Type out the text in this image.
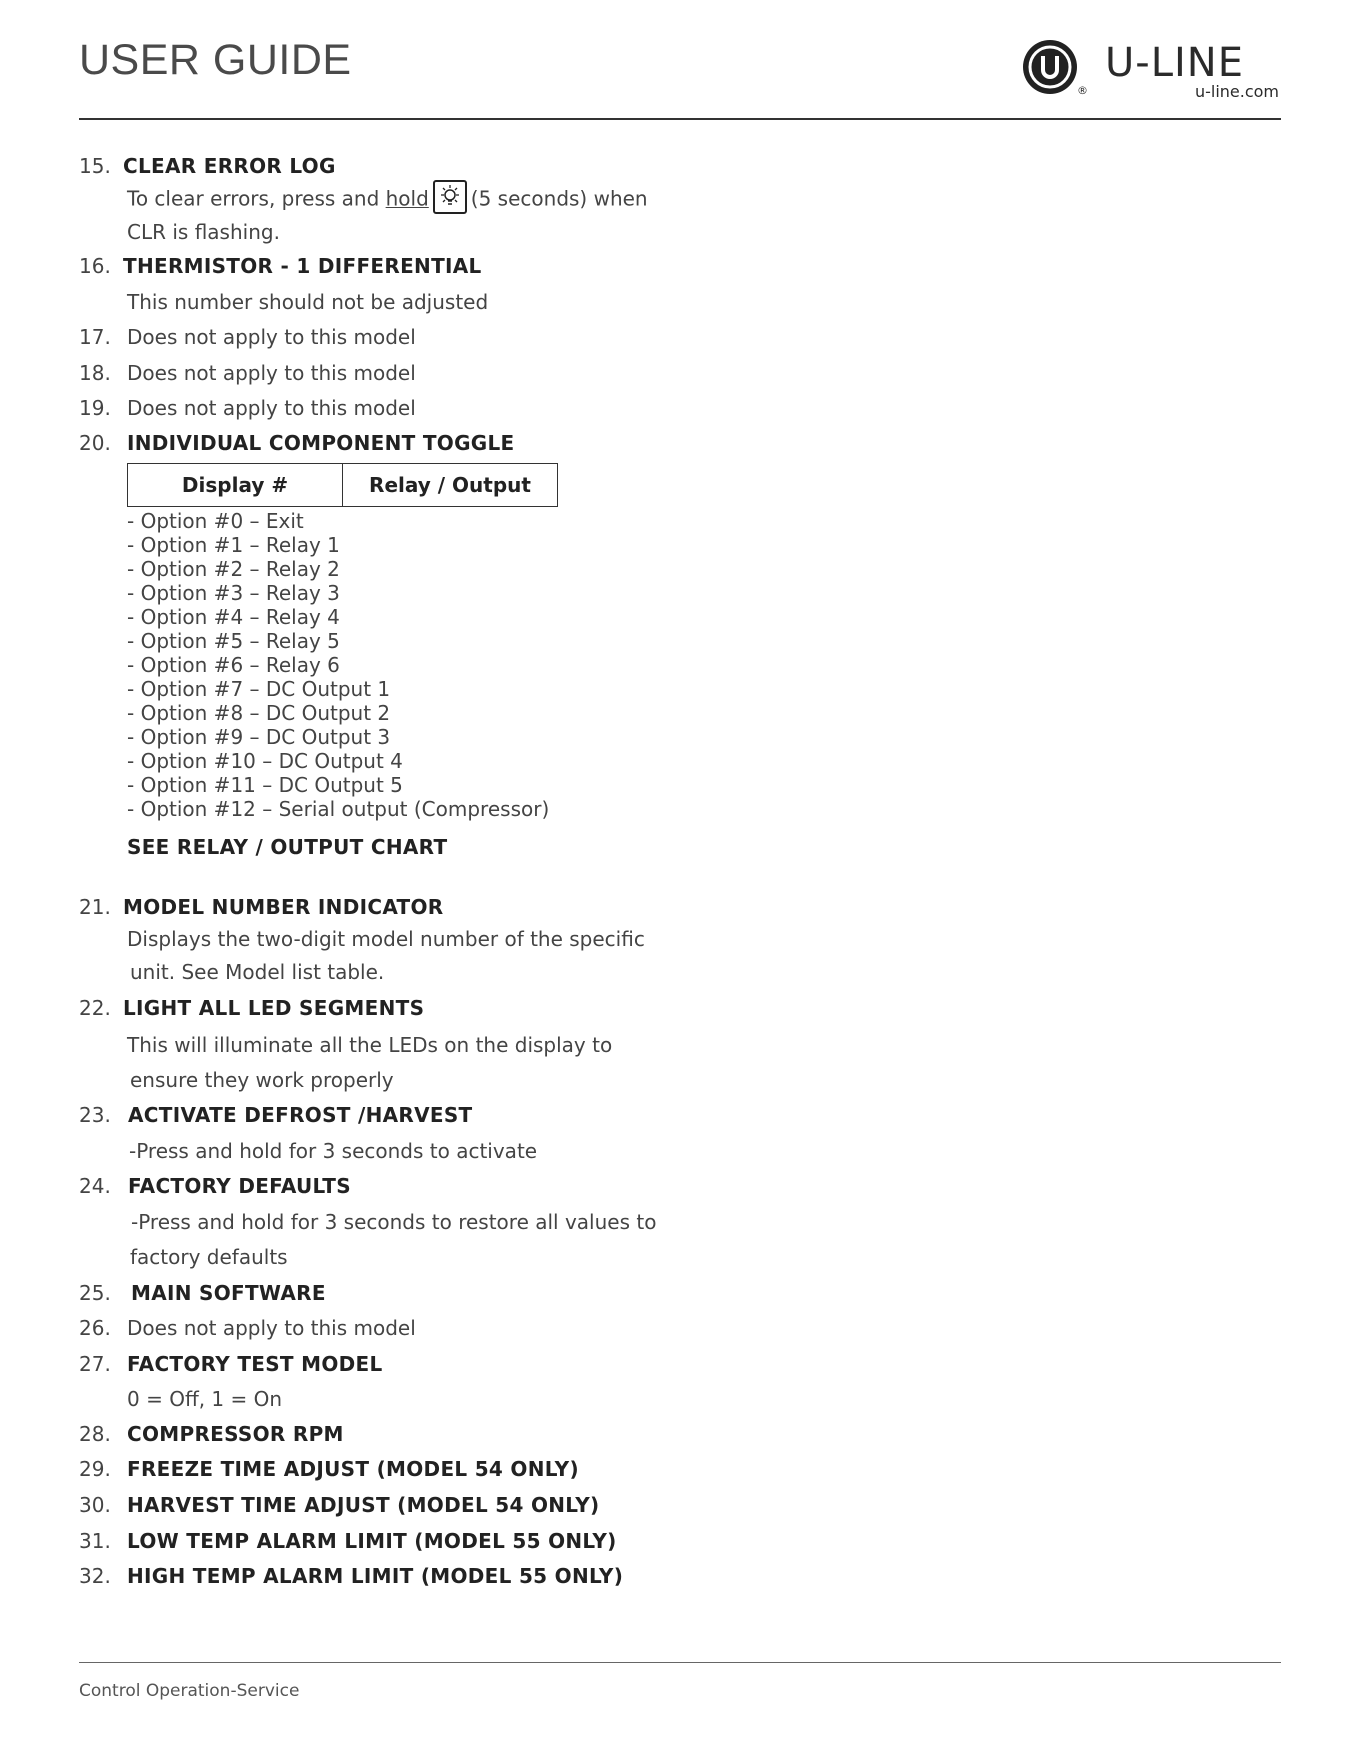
USER GUIDE
®
U-LINE
u-line.com
15. CLEAR ERROR LOG
To clear errors, press and hold (5 seconds) when
CLR is flashing.
16. THERMISTOR - 1 DIFFERENTIAL
This number should not be adjusted
17. Does not apply to this model
18. Does not apply to this model
19. Does not apply to this model
20. INDIVIDUAL COMPONENT TOGGLE
Display #	Relay / Output
- Option #0 – Exit
- Option #1 – Relay 1
- Option #2 – Relay 2
- Option #3 – Relay 3
- Option #4 – Relay 4
- Option #5 – Relay 5
- Option #6 – Relay 6
- Option #7 – DC Output 1
- Option #8 – DC Output 2
- Option #9 – DC Output 3
- Option #10 – DC Output 4
- Option #11 – DC Output 5
- Option #12 – Serial output (Compressor)
SEE RELAY / OUTPUT CHART
21. MODEL NUMBER INDICATOR
Displays the two-digit model number of the specific
unit. See Model list table.
22. LIGHT ALL LED SEGMENTS
This will illuminate all the LEDs on the display to
ensure they work properly
23. ACTIVATE DEFROST /HARVEST
-Press and hold for 3 seconds to activate
24. FACTORY DEFAULTS
-Press and hold for 3 seconds to restore all values to
factory defaults
25.	MAIN SOFTWARE
26. Does not apply to this model
27. FACTORY TEST MODEL
0 = Off, 1 = On
28. COMPRESSOR RPM
29. FREEZE TIME ADJUST (MODEL 54 ONLY)
30. HARVEST TIME ADJUST (MODEL 54 ONLY)
31. LOW TEMP ALARM LIMIT (MODEL 55 ONLY)
32. HIGH TEMP ALARM LIMIT (MODEL 55 ONLY)
Control Operation-Service
